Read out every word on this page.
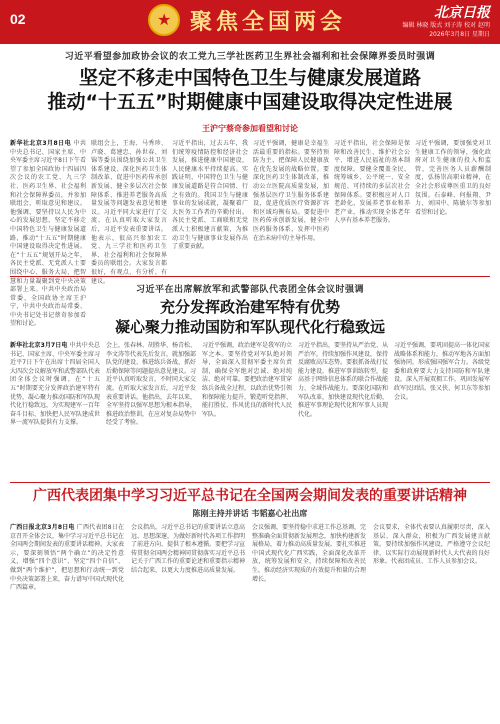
02	★ 聚焦全国两会	北京日报
编辑 林晓 版式 刘子涛 校对 赵明
2026年3月8日 星期日
习近平看望参加政协会议的农工党九三学社医药卫生界社会福利和社会保障界委员时强调
坚定不移走中国特色卫生与健康发展道路
推动“十五五”时期健康中国建设取得决定性进展
王沪宁蔡奇参加看望和讨论
新华社北京3月8日电 中共中央总书记、国家主席、中央军委主席习近平8日下午看望了参加全国政协十四届四次会议的农工党、九三学社、医药卫生界、社会福利和社会保障界委员，并参加联组会，听取意见和建议。他强调，要坚持以人民为中心的发展思想，坚定不移走中国特色卫生与健康发展道路，推动“十五五”时期健康中国建设取得决定性进展。在“十五五”规划开局之年，各民主党派、无党派人士要围绕中心、服务大局，把智慧和力量凝聚到党中央决策部署上来。中共中央政治局常委、全国政协主席王沪宁，中共中央政治局常委、中央书记处书记蔡奇参加看望和讨论。
联组会上，王海、马秀珍、卢晓、葛建忠、孙世春、刘锦等委员围绕加强公共卫生体系建设、深化医药卫生体制改革、促进中医药传承创新发展、健全多层次社会保障体系、推进养老服务高质量发展等问题发表意见和建议。习近平同大家进行了交流。在认真听取大家发言后，习近平发表重要讲话。他表示，很高兴参加农工党、九三学社和医药卫生界、社会福利和社会保障界委员的联组会。大家发言都很好，有观点、有分析、有建议。
习近平指出，过去五年，我们统筹疫情防控和经济社会发展，推进健康中国建设，人民健康水平持续提高。实践证明，中国特色卫生与健康发展道路是符合国情、行之有效的。我国卫生与健康事业的发展成就，凝聚着广大医务工作者的辛勤付出。各民主党派、工商联和无党派人士积极建言献策，为推动卫生与健康事业发展作出了重要贡献。
习近平强调，健康是幸福生活最重要的指标。要坚持预防为主，把保障人民健康放在优先发展的战略位置。要深化医药卫生体制改革，推动公立医院高质量发展，加强基层医疗卫生服务体系建设，促进优质医疗资源扩容和区域均衡布局。要促进中医药传承创新发展，健全中医药服务体系，发挥中医药在治未病中的主导作用。
习近平指出，社会保障是保障和改善民生、维护社会公平、增进人民福祉的基本制度保障。要健全覆盖全民、统筹城乡、公平统一、安全规范、可持续的多层次社会保障体系。要积极应对人口老龄化，发展养老事业和养老产业，推动实现全体老年人享有基本养老服务。
习近平强调，要加强党对卫生健康工作的领导，强化政府对卫生健康的投入和监管，完善医务人员薪酬制度，弘扬崇高职业精神，在全社会形成尊医重卫的良好氛围。石泰峰、何报翔、尹力、刘国中、陈敏尔等参加看望和讨论。
习近平在出席解放军和武警部队代表团全体会议时强调
充分发挥政治建军特有优势
凝心聚力推动国防和军队现代化行稳致远
新华社北京3月7日电 中共中央总书记、国家主席、中央军委主席习近平7日下午在出席十四届全国人大四次会议解放军和武警部队代表团全体会议时强调，在“十五五”时期要充分发挥政治建军特有优势，凝心聚力推动国防和军队现代化行稳致远，为实现建军一百年奋斗目标、加快把人民军队建成世界一流军队提供有力支撑。
会上，张春林、胡胜华、杨青松、李文涛等代表先后发言，就加强部队党的建设、推进练兵备战、抓好后勤保障等问题提出意见建议。习近平认真听取发言，不时同大家交流。在听取大家发言后，习近平发表重要讲话。他指出，去年以来，全军坚持以强军思想为根本指导，推进政治整训，在应对复杂局势中经受了考验。
习近平强调，政治建军是我军的立军之本。要坚持党对军队绝对领导，全面深入贯彻军委主席负责制，确保全军绝对忠诚、绝对纯洁、绝对可靠。要把政治建军贯穿练兵备战全过程，以政治优势引领和保障能力提升，锻造听党指挥、能打胜仗、作风优良的新时代人民军队。
习近平指出，要坚持从严治党、从严治军，持续加强作风建设，保持反腐败高压态势。要狠抓备战打仗能力建设，推进军事训练转型，提高基于网络信息体系的联合作战能力、全域作战能力。要深化国防和军队改革，加快建设现代化后勤，推进军事理论现代化和军事人员现代化。
习近平强调，要巩固提高一体化国家战略体系和能力，推动军地各方面加强协同，形成强国强军合力。各级党委和政府要大力支持国防和军队建设，深入开展双拥工作，巩固发展军政军民团结。张又侠、何卫东等参加会议。
广西代表团集中学习习近平总书记在全国两会期间发表的重要讲话精神
陈刚主持并讲话 韦韬嘉心社出席
广西日报北京3月8日电 广西代表团8日在京召开全体会议，集中学习习近平总书记在全国两会期间发表的重要讲话精神。大家表示，要深刻领悟“两个确立”的决定性意义，增强“四个意识”、坚定“四个自信”、做到“两个维护”，把思想和行动统一到党中央决策部署上来，奋力谱写中国式现代化广西篇章。
会议指出，习近平总书记的重要讲话立意高远、思想深邃，为做好新时代各项工作指明了前进方向、提供了根本遵循。要把学习宣传贯彻全国两会精神同贯彻落实习近平总书记关于广西工作的重要论述和重要指示精神结合起来，以更大力度推进高质量发展。
会议强调，要坚持稳中求进工作总基调，完整准确全面贯彻新发展理念，加快构建新发展格局，着力推动高质量发展。要扎实推进中国式现代化广西实践，全面深化改革开放，统筹发展和安全，持续保障和改善民生，推动经济实现质的有效提升和量的合理增长。
会议要求，全体代表要认真履职尽责，深入基层、深入群众，积极为广西发展建言献策。要持续加强作风建设，严格遵守会议纪律，以实际行动展现新时代人大代表的良好形象。代表团成员、工作人员参加会议。
